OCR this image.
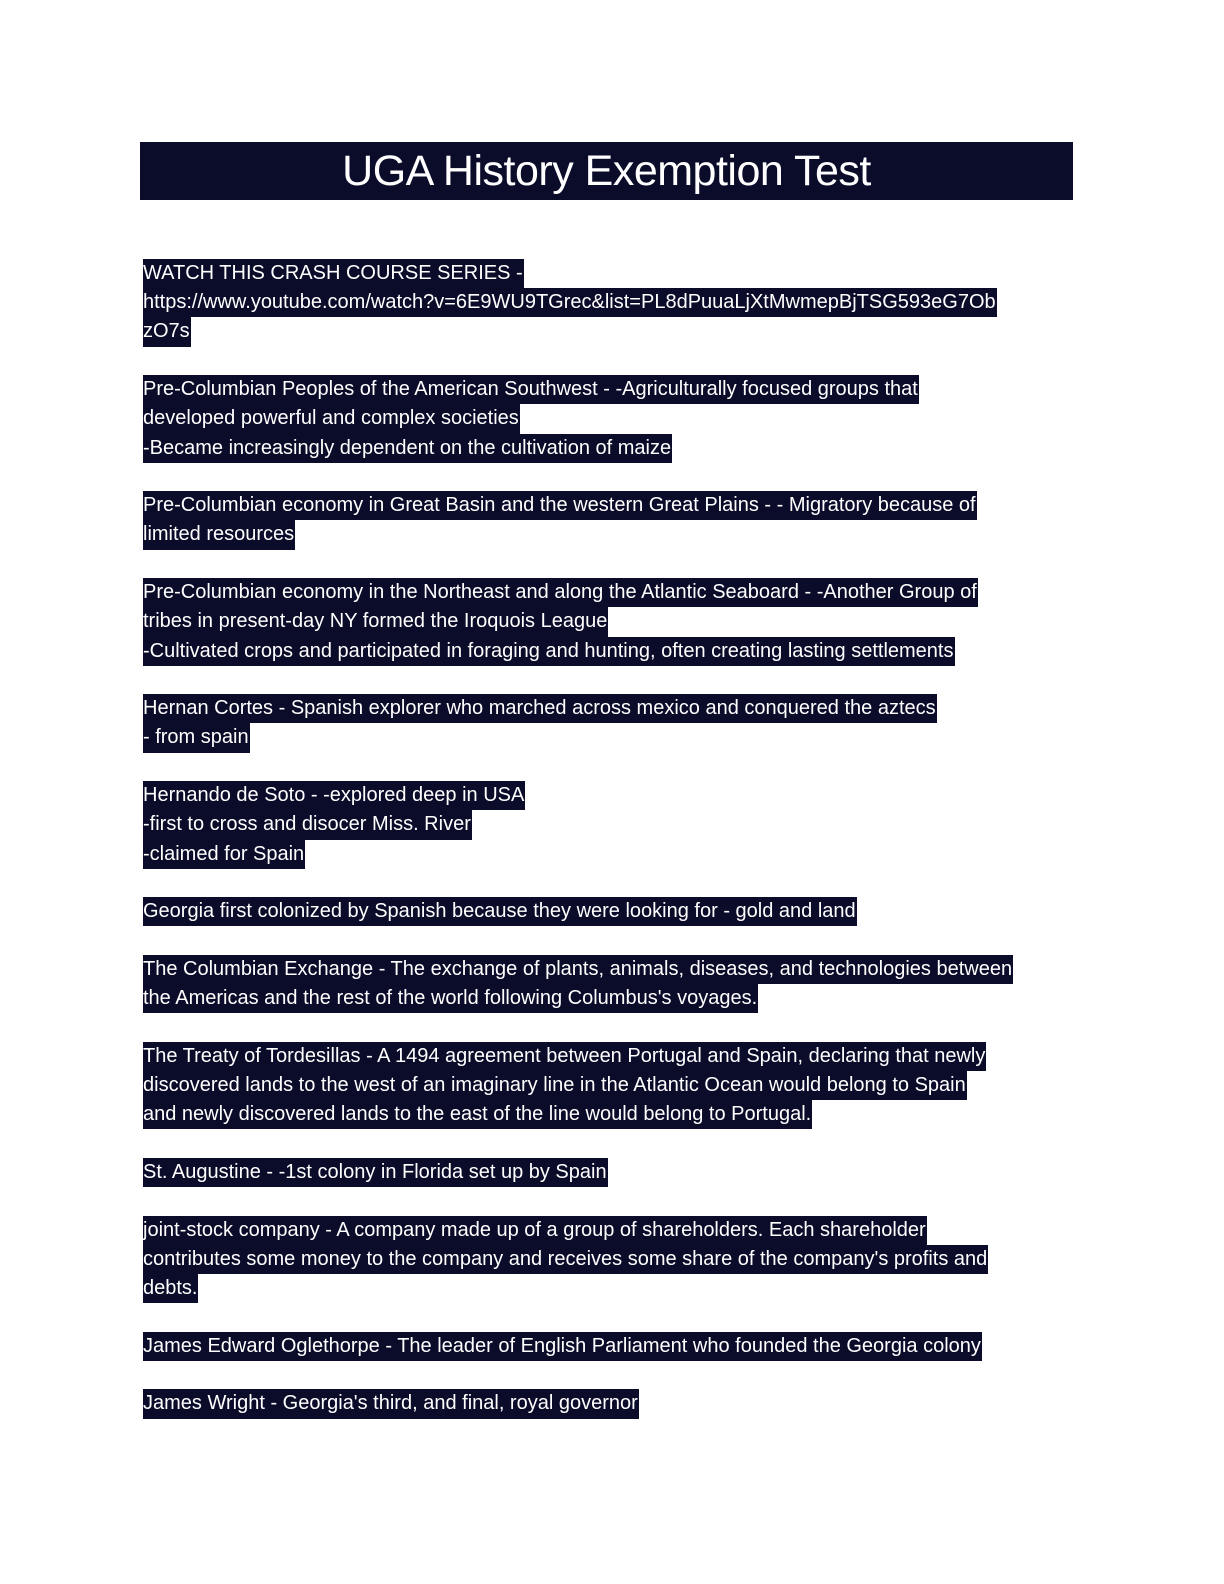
UGA History Exemption Test
WATCH THIS CRASH COURSE SERIES -
https://www.youtube.com/watch?v=6E9WU9TGrec&list=PL8dPuuaLjXtMwmepBjTSG593eG7Ob
zO7s
Pre-Columbian Peoples of the American Southwest - -Agriculturally focused groups that
developed powerful and complex societies
-Became increasingly dependent on the cultivation of maize
Pre-Columbian economy in Great Basin and the western Great Plains - - Migratory because of
limited resources
Pre-Columbian economy in the Northeast and along the Atlantic Seaboard - -Another Group of
tribes in present-day NY formed the Iroquois League
-Cultivated crops and participated in foraging and hunting, often creating lasting settlements
Hernan Cortes - Spanish explorer who marched across mexico and conquered the aztecs
- from spain
Hernando de Soto - -explored deep in USA
-first to cross and disocer Miss. River
-claimed for Spain
Georgia first colonized by Spanish because they were looking for - gold and land
The Columbian Exchange - The exchange of plants, animals, diseases, and technologies between
the Americas and the rest of the world following Columbus's voyages.
The Treaty of Tordesillas - A 1494 agreement between Portugal and Spain, declaring that newly
discovered lands to the west of an imaginary line in the Atlantic Ocean would belong to Spain
and newly discovered lands to the east of the line would belong to Portugal.
St. Augustine - -1st colony in Florida set up by Spain
joint-stock company - A company made up of a group of shareholders. Each shareholder
contributes some money to the company and receives some share of the company's profits and
debts.
James Edward Oglethorpe - The leader of English Parliament who founded the Georgia colony
James Wright - Georgia's third, and final, royal governor
